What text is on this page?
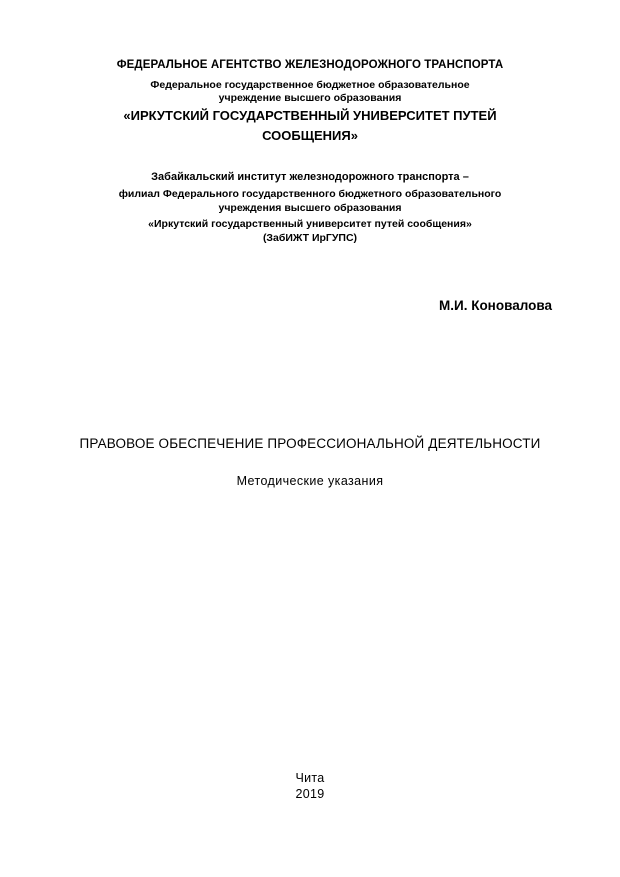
ФЕДЕРАЛЬНОЕ АГЕНТСТВО ЖЕЛЕЗНОДОРОЖНОГО ТРАНСПОРТА
Федеральное государственное бюджетное образовательное
учреждение высшего образования
«ИРКУТСКИЙ ГОСУДАРСТВЕННЫЙ УНИВЕРСИТЕТ ПУТЕЙ
СООБЩЕНИЯ»
Забайкальский институт железнодорожного транспорта –
филиал Федерального государственного бюджетного образовательного
учреждения высшего образования
«Иркутский государственный университет путей сообщения»
(ЗабИЖТ ИрГУПС)
М.И. Коновалова
ПРАВОВОЕ ОБЕСПЕЧЕНИЕ ПРОФЕССИОНАЛЬНОЙ ДЕЯТЕЛЬНОСТИ
Методические указания
Чита
2019
